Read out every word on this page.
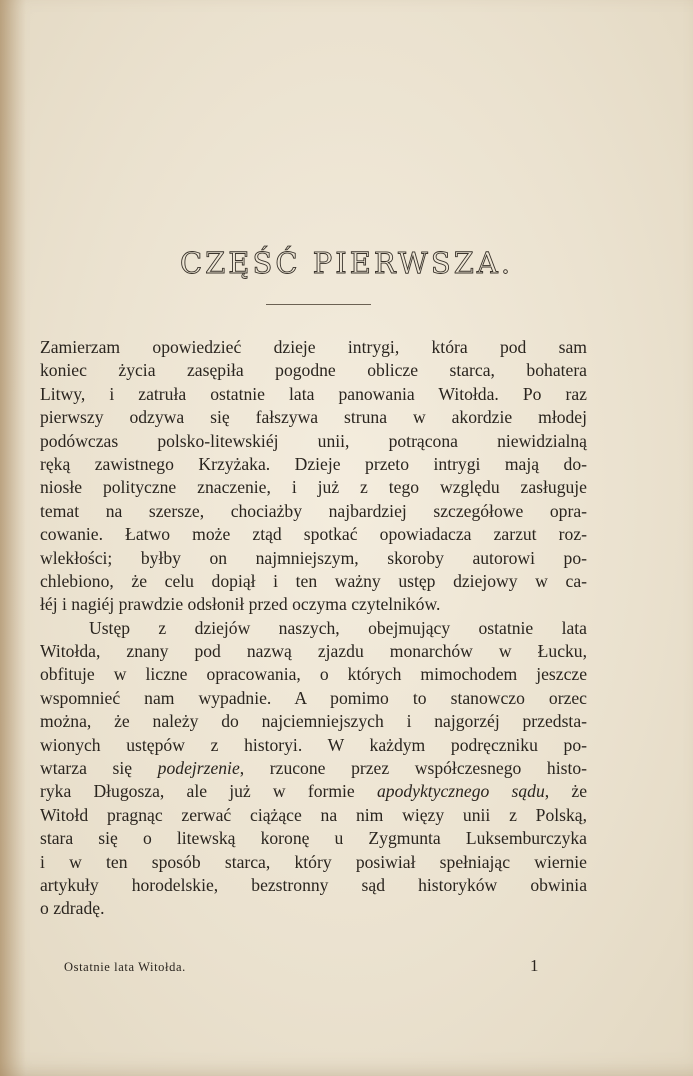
CZĘŚĆ PIERWSZA.
Zamierzam opowiedzieć dzieje intrygi, która pod sam
koniec życia zasępiła pogodne oblicze starca, bohatera
Litwy, i zatruła ostatnie lata panowania Witołda. Po raz
pierwszy odzywa się fałszywa struna w akordzie młodej
podówczas polsko-litewskiéj unii, potrącona niewidzialną
ręką zawistnego Krzyżaka. Dzieje przeto intrygi mają do-
niosłe polityczne znaczenie, i już z tego względu zasługuje
temat na szersze, chociażby najbardziej szczegółowe opra-
cowanie. Łatwo może ztąd spotkać opowiadacza zarzut roz-
wlekłości; byłby on najmniejszym, skoroby autorowi po-
chlebiono, że celu dopiął i ten ważny ustęp dziejowy w ca-
łéj i nagiéj prawdzie odsłonił przed oczyma czytelników.
Ustęp z dziejów naszych, obejmujący ostatnie lata
Witołda, znany pod nazwą zjazdu monarchów w Łucku,
obfituje w liczne opracowania, o których mimochodem jeszcze
wspomnieć nam wypadnie. A pomimo to stanowczo orzec
można, że należy do najciemniejszych i najgorzéj przedsta-
wionych ustępów z historyi. W każdym podręczniku po-
wtarza się podejrzenie, rzucone przez współczesnego histo-
ryka Długosza, ale już w formie apodyktycznego sądu, że
Witołd pragnąc zerwać ciążące na nim więzy unii z Polską,
stara się o litewską koronę u Zygmunta Luksemburczyka
i w ten sposób starca, który posiwiał spełniając wiernie
artykuły horodelskie, bezstronny sąd historyków obwinia
o zdradę.
Ostatnie lata Witołda.	1
